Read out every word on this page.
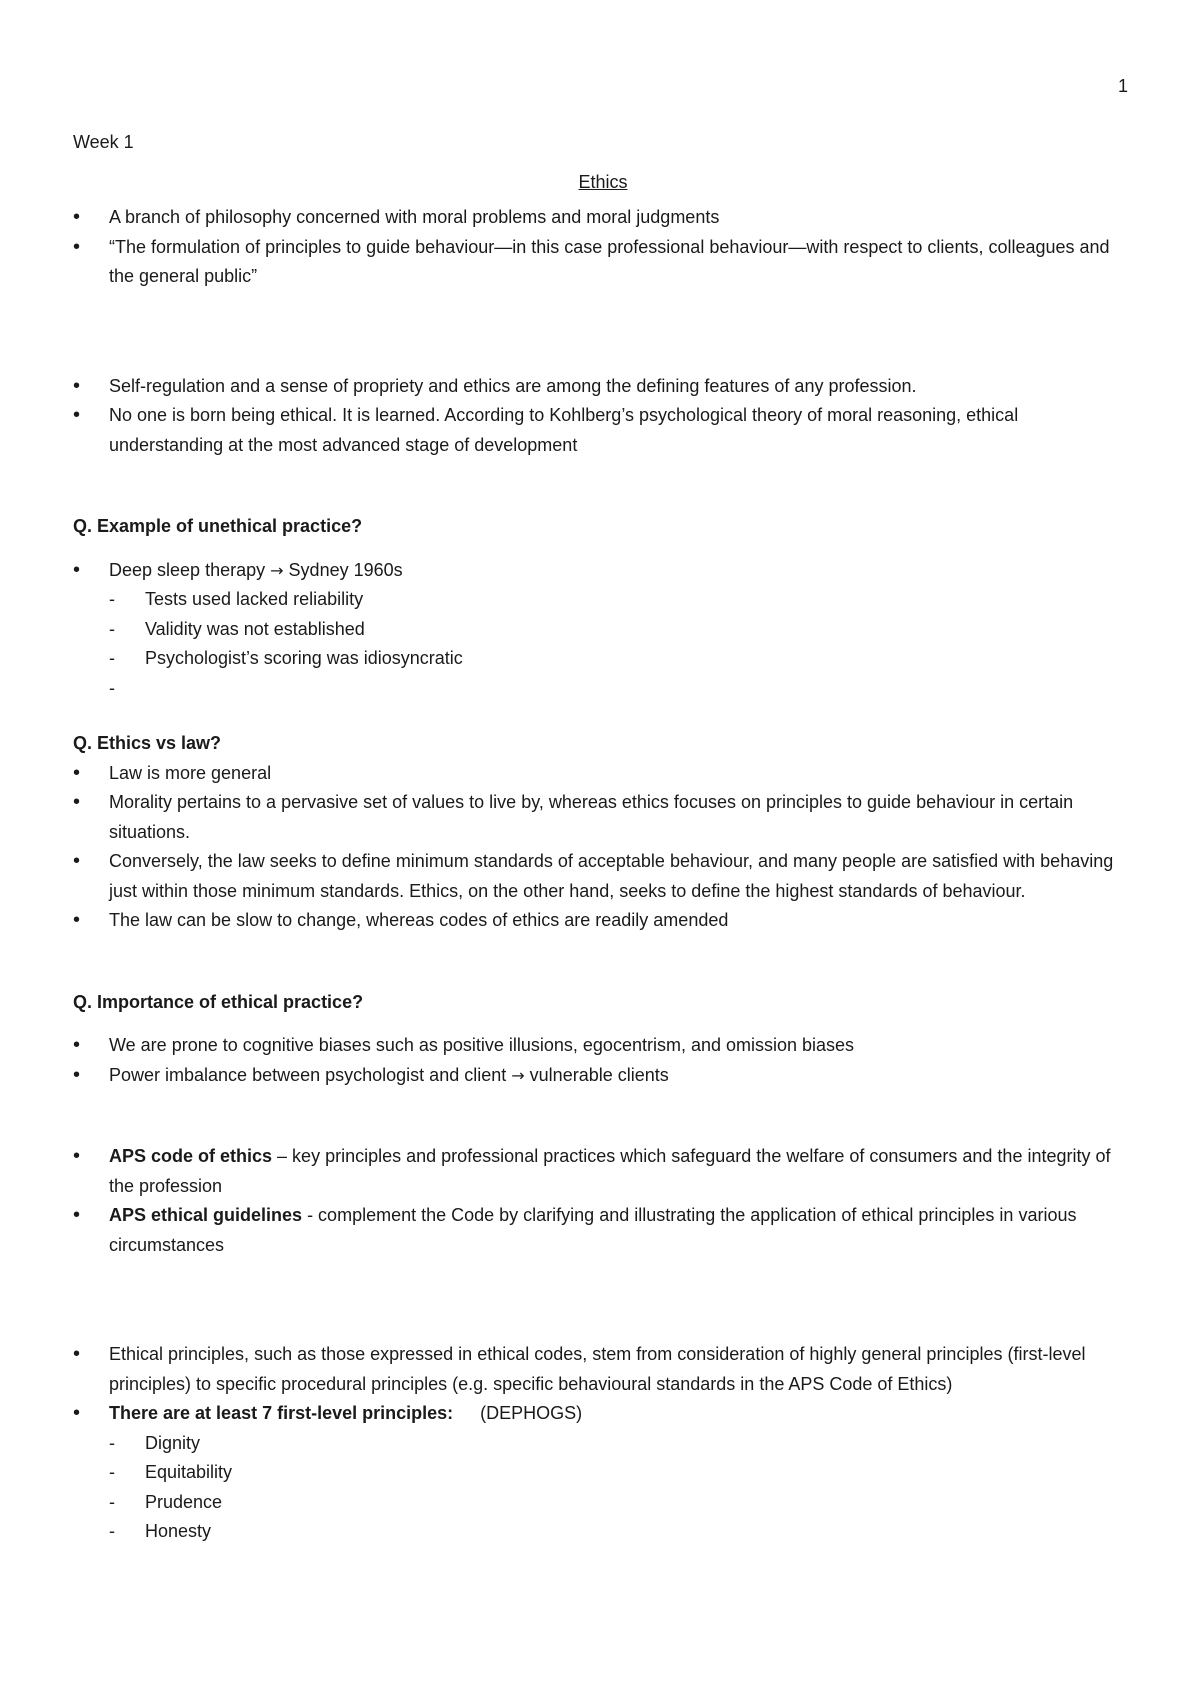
1

Week 1

Ethics

• A branch of philosophy concerned with moral problems and moral judgments
• “The formulation of principles to guide behaviour—in this case professional behaviour—with respect to clients, colleagues and the general public”
• Self-regulation and a sense of propriety and ethics are among the defining features of any profession.
• No one is born being ethical. It is learned. According to Kohlberg’s psychological theory of moral reasoning, ethical understanding at the most advanced stage of development

Q. Example of unethical practice?

• Deep sleep therapy → Sydney 1960s
- Tests used lacked reliability
- Validity was not established
- Psychologist’s scoring was idiosyncratic
-

Q. Ethics vs law?

• Law is more general
• Morality pertains to a pervasive set of values to live by, whereas ethics focuses on principles to guide behaviour in certain situations.
• Conversely, the law seeks to define minimum standards of acceptable behaviour, and many people are satisfied with behaving just within those minimum standards. Ethics, on the other hand, seeks to define the highest standards of behaviour.
• The law can be slow to change, whereas codes of ethics are readily amended

Q. Importance of ethical practice?

• We are prone to cognitive biases such as positive illusions, egocentrism, and omission biases
• Power imbalance between psychologist and client → vulnerable clients
• APS code of ethics – key principles and professional practices which safeguard the welfare of consumers and the integrity of the profession
• APS ethical guidelines - complement the Code by clarifying and illustrating the application of ethical principles in various circumstances
• Ethical principles, such as those expressed in ethical codes, stem from consideration of highly general principles (first-level principles) to specific procedural principles (e.g. specific behavioural standards in the APS Code of Ethics)
• There are at least 7 first-level principles: (DEPHOGS)
- Dignity
- Equitability
- Prudence
- Honesty
